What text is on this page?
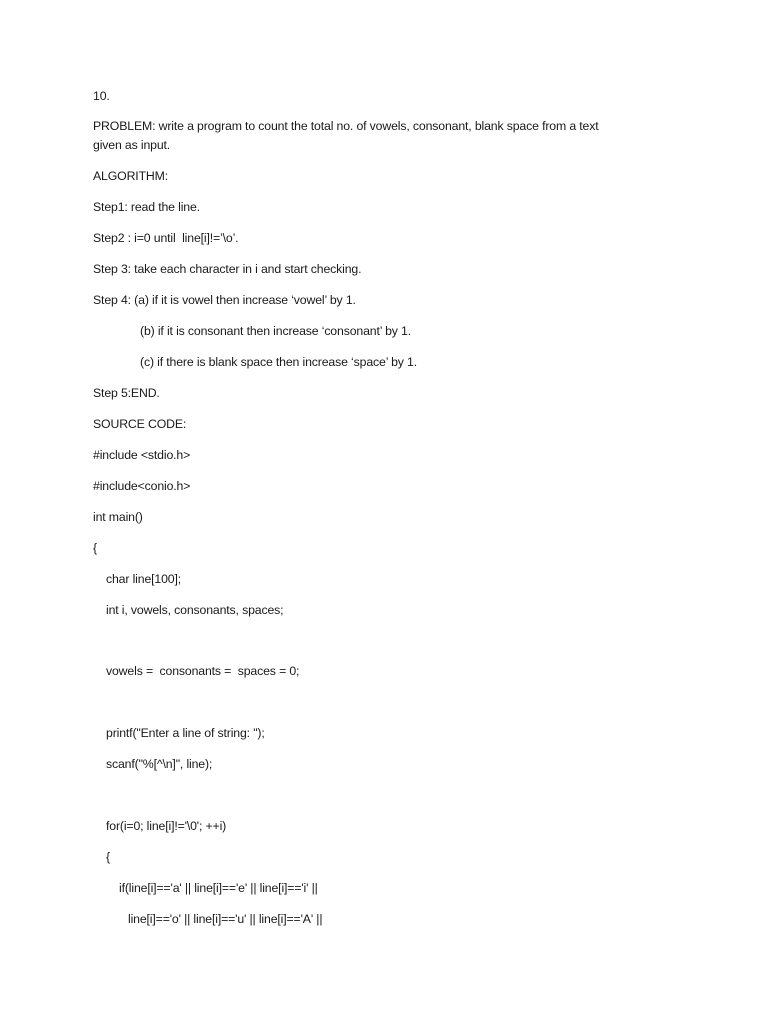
10.
PROBLEM: write a program to count the total no. of vowels, consonant, blank space from a text
given as input.
ALGORITHM:
Step1: read the line.
Step2 : i=0 until  line[i]!=’\o’.
Step 3: take each character in i and start checking.
Step 4: (a) if it is vowel then increase ‘vowel’ by 1.
(b) if it is consonant then increase ‘consonant’ by 1.
(c) if there is blank space then increase ‘space’ by 1.
Step 5:END.
SOURCE CODE:
#include <stdio.h>
#include<conio.h>
int main()
{
char line[100];
int i, vowels, consonants, spaces;
vowels =  consonants =  spaces = 0;
printf("Enter a line of string: ");
scanf("%[^\n]", line);
for(i=0; line[i]!='\0'; ++i)
{
if(line[i]=='a' || line[i]=='e' || line[i]=='i' ||
line[i]=='o' || line[i]=='u' || line[i]=='A' ||
